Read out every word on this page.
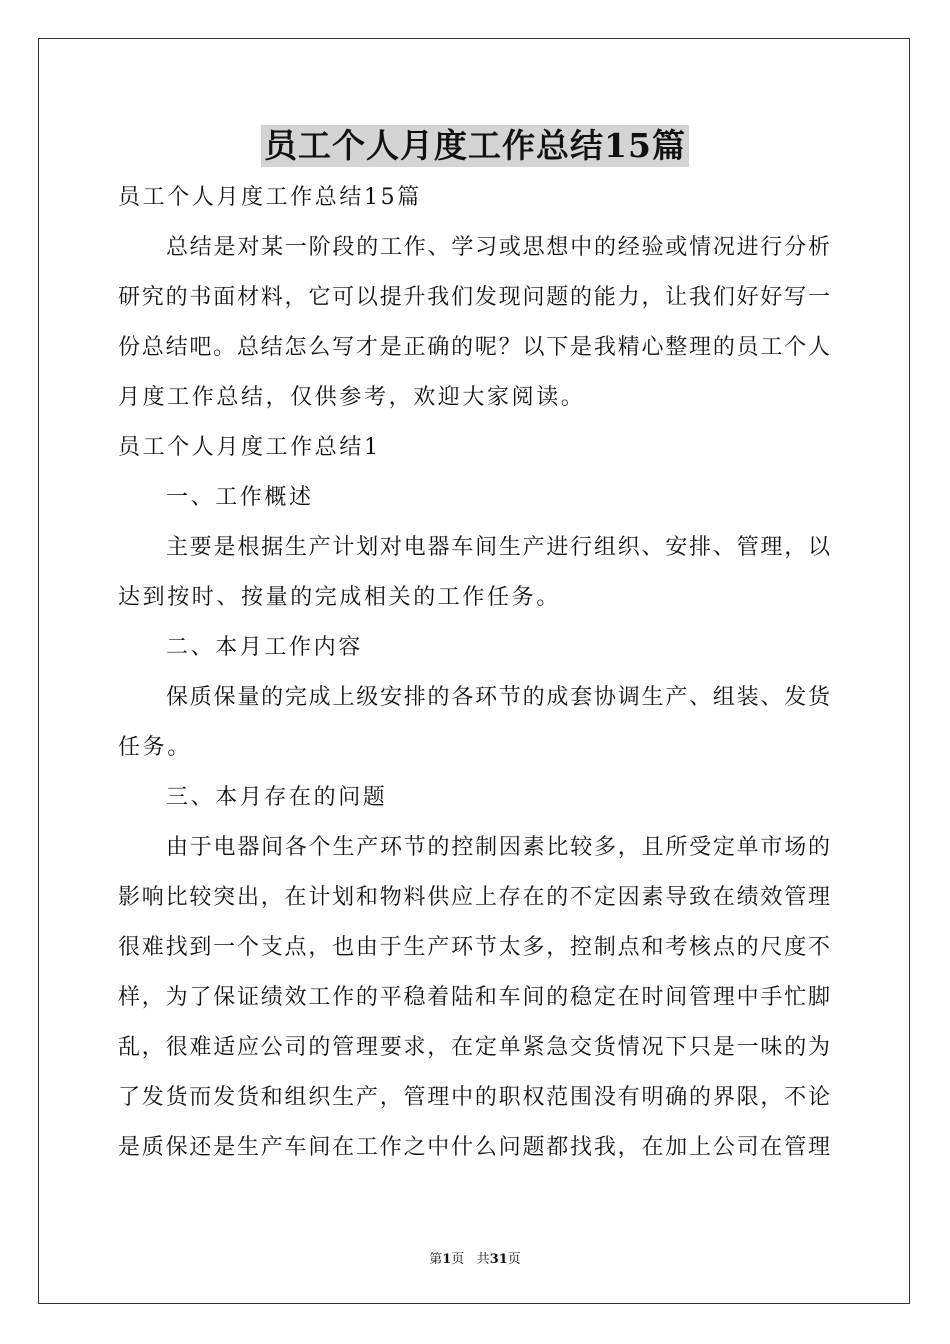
员工个人月度工作总结15篇
员工个人月度工作总结15篇
总结是对某一阶段的工作、学习或思想中的经验或情况进行分析
研究的书面材料，它可以提升我们发现问题的能力，让我们好好写一
份总结吧。总结怎么写才是正确的呢？以下是我精心整理的员工个人
月度工作总结，仅供参考，欢迎大家阅读。
员工个人月度工作总结1
一、工作概述
主要是根据生产计划对电器车间生产进行组织、安排、管理，以
达到按时、按量的完成相关的工作任务。
二、本月工作内容
保质保量的完成上级安排的各环节的成套协调生产、组装、发货
任务。
三、本月存在的问题
由于电器间各个生产环节的控制因素比较多，且所受定单市场的
影响比较突出，在计划和物料供应上存在的不定因素导致在绩效管理
很难找到一个支点，也由于生产环节太多，控制点和考核点的尺度不
样，为了保证绩效工作的平稳着陆和车间的稳定在时间管理中手忙脚
乱，很难适应公司的管理要求，在定单紧急交货情况下只是一味的为
了发货而发货和组织生产，管理中的职权范围没有明确的界限，不论
是质保还是生产车间在工作之中什么问题都找我，在加上公司在管理
第1页 共31页
